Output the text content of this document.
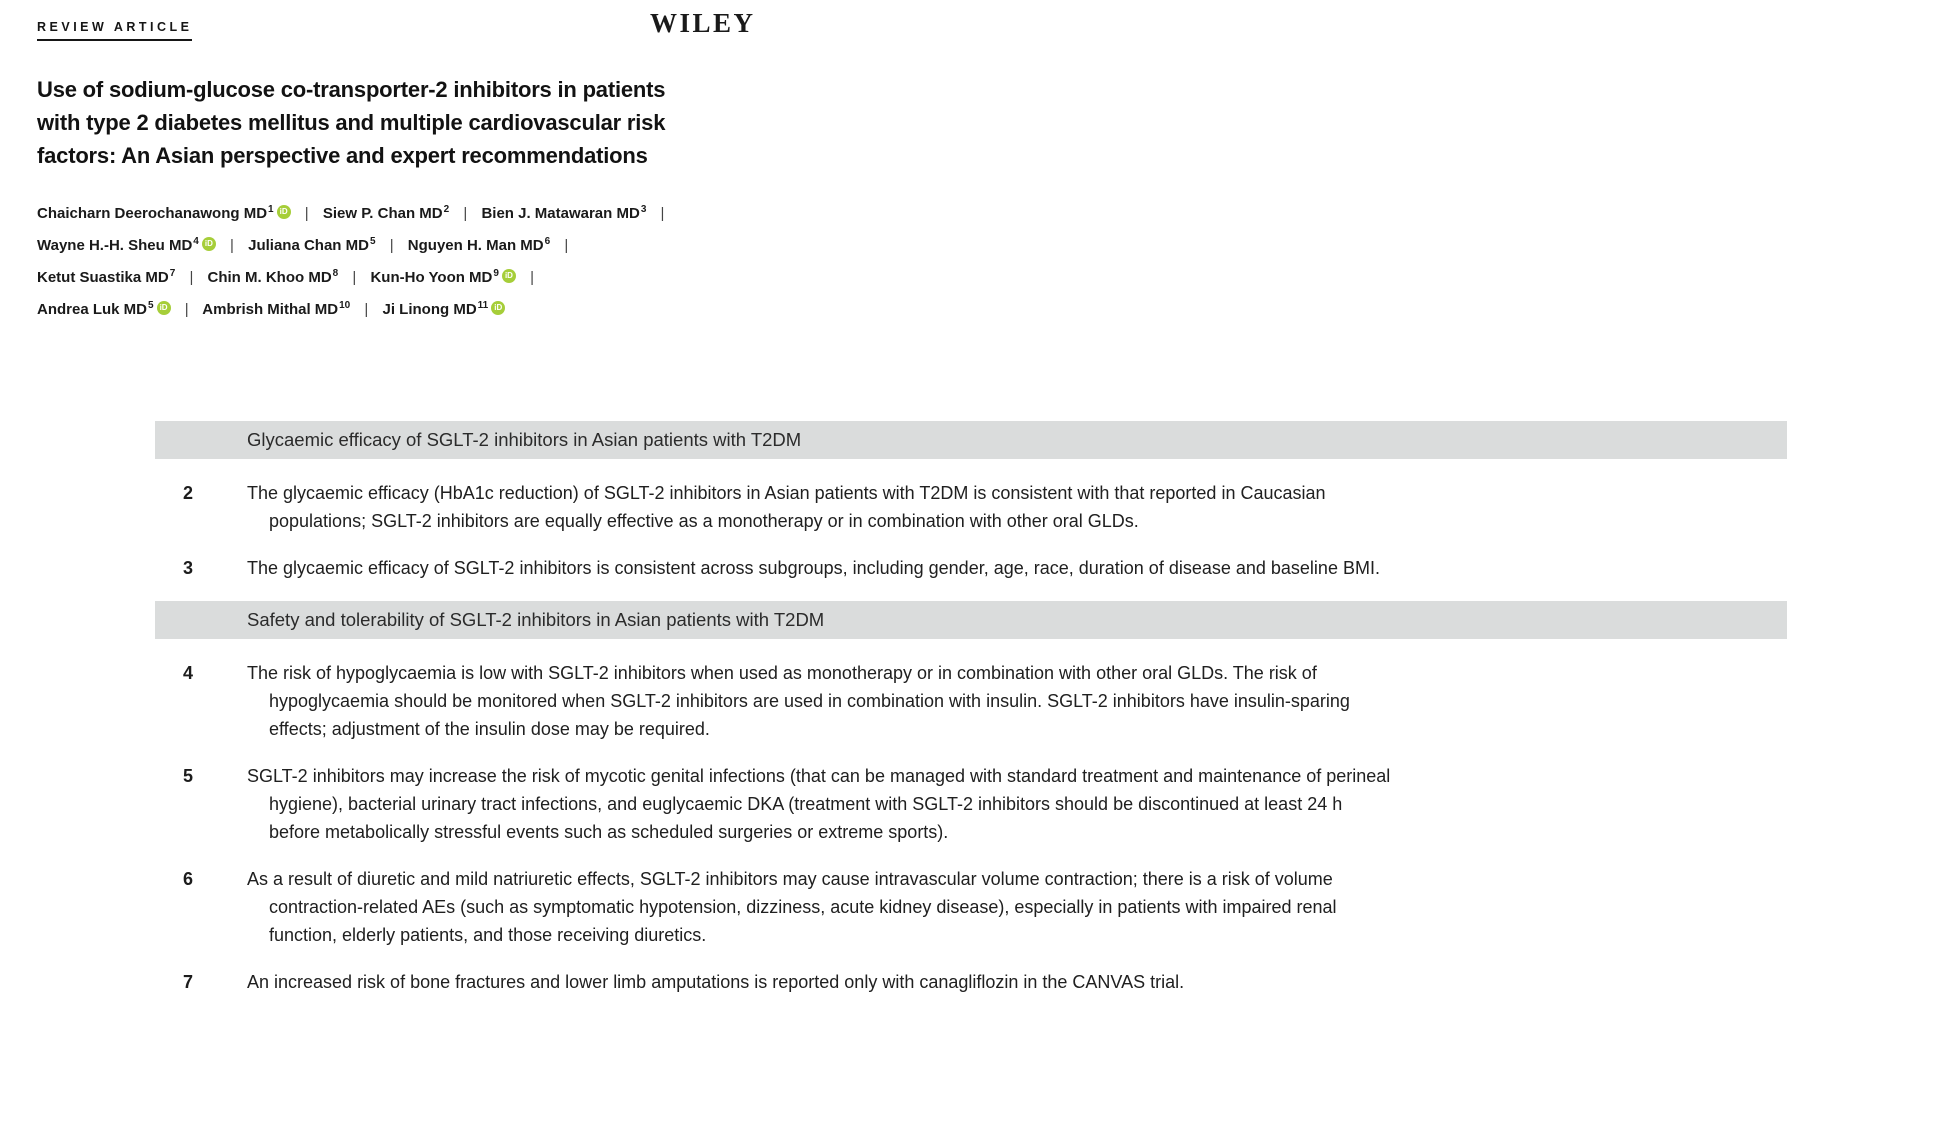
REVIEW ARTICLE	WILEY
Use of sodium-glucose co-transporter-2 inhibitors in patients
with type 2 diabetes mellitus and multiple cardiovascular risk
factors: An Asian perspective and expert recommendations
Chaicharn Deerochanawong $MD^1$ iD | Siew P. Chan $MD^2$ | Bien J. Matawaran $MD^3$ |
Wayne H.-H. Sheu $MD^4$ iD | Juliana Chan $MD^5$ | Nguyen H. Man $MD^6$ |
Ketut Suastika $MD^7$ | Chin M. Khoo $MD^8$ | Kun-Ho Yoon $MD^9$ iD |
Andrea Luk $MD^5$ iD | Ambrish Mithal MD$^{10}$ | Ji Linong MD$^{11}$ iD
Glycaemic efficacy of SGLT-2 inhibitors in Asian patients with T2DM
2	The glycaemic efficacy (HbA1c reduction) of SGLT-2 inhibitors in Asian patients with T2DM is consistent with that reported in Caucasian
populations; SGLT-2 inhibitors are equally effective as a monotherapy or in combination with other oral GLDs.
3	The glycaemic efficacy of SGLT-2 inhibitors is consistent across subgroups, including gender, age, race, duration of disease and baseline BMI.
Safety and tolerability of SGLT-2 inhibitors in Asian patients with T2DM
4	The risk of hypoglycaemia is low with SGLT-2 inhibitors when used as monotherapy or in combination with other oral GLDs. The risk of
hypoglycaemia should be monitored when SGLT-2 inhibitors are used in combination with insulin. SGLT-2 inhibitors have insulin-sparing
effects; adjustment of the insulin dose may be required.
5	SGLT-2 inhibitors may increase the risk of mycotic genital infections (that can be managed with standard treatment and maintenance of perineal
hygiene), bacterial urinary tract infections, and euglycaemic DKA (treatment with SGLT-2 inhibitors should be discontinued at least 24 h
before metabolically stressful events such as scheduled surgeries or extreme sports).
6	As a result of diuretic and mild natriuretic effects, SGLT-2 inhibitors may cause intravascular volume contraction; there is a risk of volume
contraction-related AEs (such as symptomatic hypotension, dizziness, acute kidney disease), especially in patients with impaired renal
function, elderly patients, and those receiving diuretics.
7	An increased risk of bone fractures and lower limb amputations is reported only with canagliflozin in the CANVAS trial.
